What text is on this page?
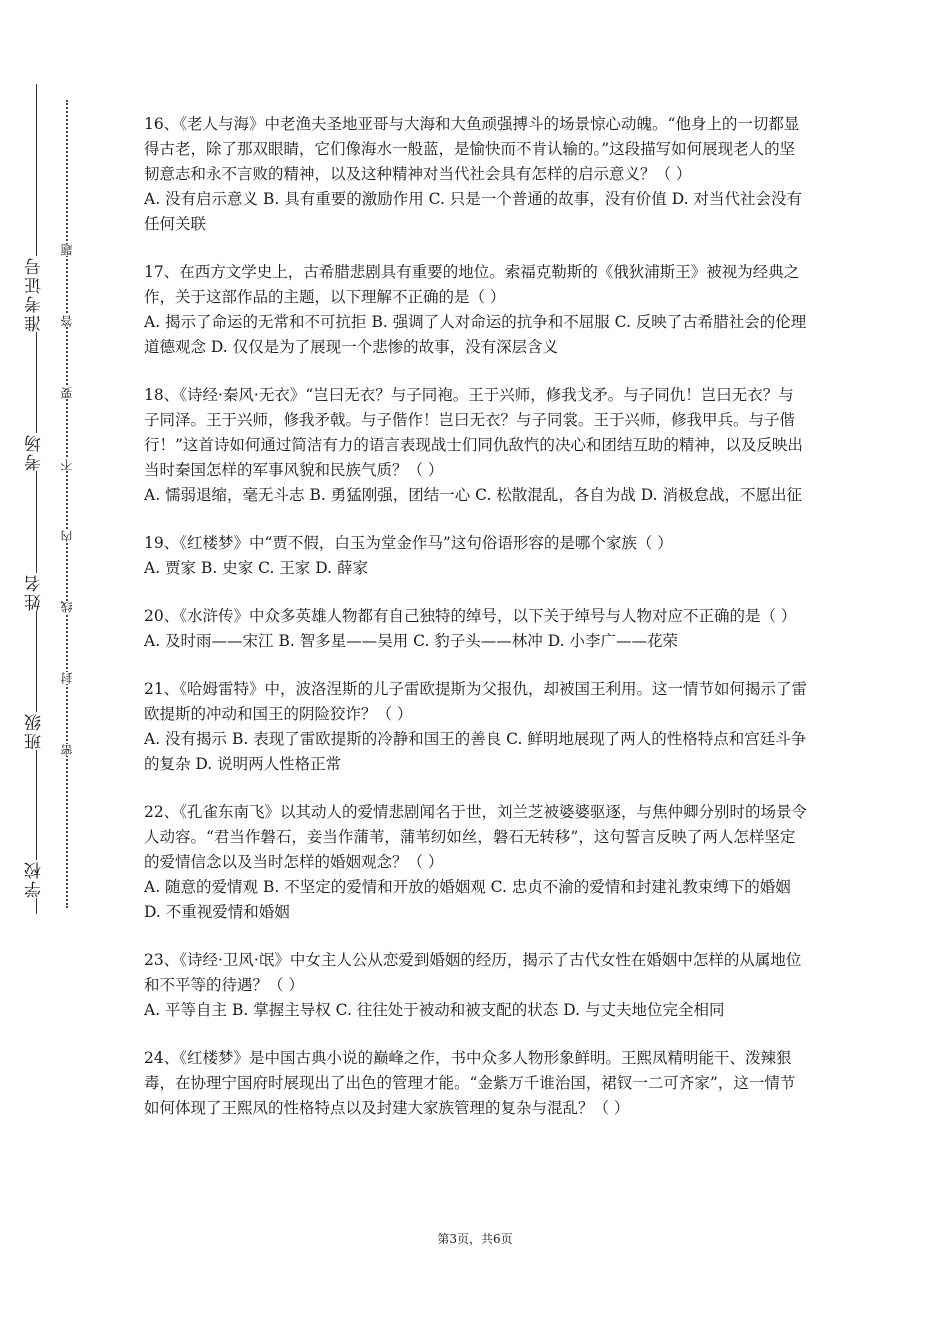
学校
班级
姓名
考场
准考证号
密
封
线
内
不
要
答
题

16、《老人与海》中老渔夫圣地亚哥与大海和大鱼顽强搏斗的场景惊心动魄。“他身上的一切都显得古老，除了那双眼睛，它们像海水一般蓝，是愉快而不肯认输的。”这段描写如何展现老人的坚韧意志和永不言败的精神，以及这种精神对当代社会具有怎样的启示意义？（ ）

A. 没有启示意义 B. 具有重要的激励作用 C. 只是一个普通的故事，没有价值 D. 对当代社会没有任何关联

17、在西方文学史上，古希腊悲剧具有重要的地位。索福克勒斯的《俄狄浦斯王》被视为经典之作，关于这部作品的主题，以下理解不正确的是（ ）

A. 揭示了命运的无常和不可抗拒 B. 强调了人对命运的抗争和不屈服 C. 反映了古希腊社会的伦理道德观念 D. 仅仅是为了展现一个悲惨的故事，没有深层含义

18、《诗经·秦风·无衣》“岂曰无衣？与子同袍。王于兴师，修我戈矛。与子同仇！岂曰无衣？与子同泽。王于兴师，修我矛戟。与子偕作！岂曰无衣？与子同裳。王于兴师，修我甲兵。与子偕行！”这首诗如何通过简洁有力的语言表现战士们同仇敌忾的决心和团结互助的精神，以及反映出当时秦国怎样的军事风貌和民族气质？（ ）

A. 懦弱退缩，毫无斗志 B. 勇猛刚强，团结一心 C. 松散混乱，各自为战 D. 消极怠战，不愿出征

19、《红楼梦》中“贾不假，白玉为堂金作马”这句俗语形容的是哪个家族（ ）

A. 贾家 B. 史家 C. 王家 D. 薛家

20、《水浒传》中众多英雄人物都有自己独特的绰号，以下关于绰号与人物对应不正确的是（ ）

A. 及时雨——宋江 B. 智多星——吴用 C. 豹子头——林冲 D. 小李广——花荣

21、《哈姆雷特》中，波洛涅斯的儿子雷欧提斯为父报仇，却被国王利用。这一情节如何揭示了雷欧提斯的冲动和国王的阴险狡诈？（ ）

A. 没有揭示 B. 表现了雷欧提斯的冷静和国王的善良 C. 鲜明地展现了两人的性格特点和宫廷斗争的复杂 D. 说明两人性格正常

22、《孔雀东南飞》以其动人的爱情悲剧闻名于世，刘兰芝被婆婆驱逐，与焦仲卿分别时的场景令人动容。“君当作磐石，妾当作蒲苇，蒲苇纫如丝，磐石无转移”，这句誓言反映了两人怎样坚定的爱情信念以及当时怎样的婚姻观念？（ ）

A. 随意的爱情观 B. 不坚定的爱情和开放的婚姻观 C. 忠贞不渝的爱情和封建礼教束缚下的婚姻 D. 不重视爱情和婚姻

23、《诗经·卫风·氓》中女主人公从恋爱到婚姻的经历，揭示了古代女性在婚姻中怎样的从属地位和不平等的待遇？（ ）

A. 平等自主 B. 掌握主导权 C. 往往处于被动和被支配的状态 D. 与丈夫地位完全相同

24、《红楼梦》是中国古典小说的巅峰之作，书中众多人物形象鲜明。王熙凤精明能干、泼辣狠毒，在协理宁国府时展现出了出色的管理才能。“金紫万千谁治国，裙钗一二可齐家”，这一情节如何体现了王熙凤的性格特点以及封建大家族管理的复杂与混乱？（ ）

第3页，共6页
